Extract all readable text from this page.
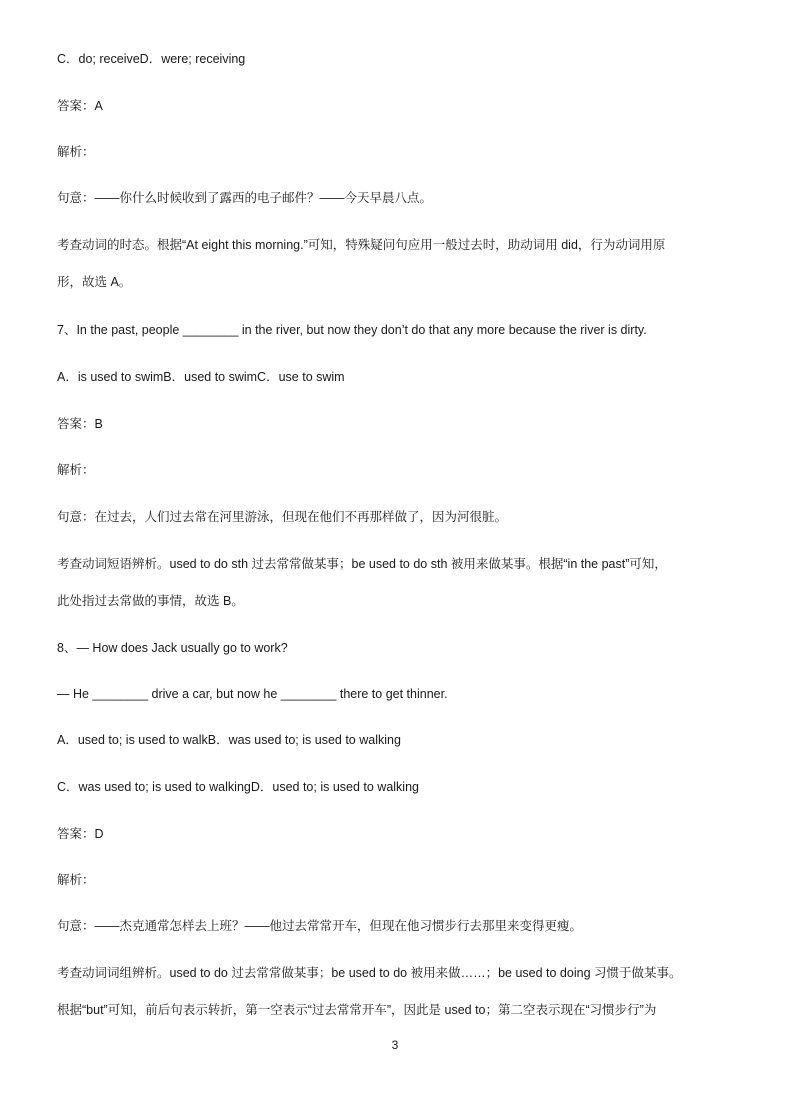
C．do; receiveD．were; receiving
答案：A
解析：
句意：——你什么时候收到了露西的电子邮件？——今天早晨八点。
考查动词的时态。根据“At eight this morning.”可知，特殊疑问句应用一般过去时，助动词用 did，行为动词用原
形，故选 A。
7、In the past, people ________ in the river, but now they don’t do that any more because the river is dirty.
A．is used to swimB．used to swimC．use to swim
答案：B
解析：
句意：在过去，人们过去常在河里游泳，但现在他们不再那样做了，因为河很脏。
考查动词短语辨析。used to do sth 过去常常做某事；be used to do sth 被用来做某事。根据“in the past”可知，
此处指过去常做的事情，故选 B。
8、— How does Jack usually go to work?
— He ________ drive a car, but now he ________ there to get thinner.
A．used to; is used to walkB．was used to; is used to walking
C．was used to; is used to walkingD．used to; is used to walking
答案：D
解析：
句意：——杰克通常怎样去上班？——他过去常常开车，但现在他习惯步行去那里来变得更瘦。
考查动词词组辨析。used to do 过去常常做某事；be used to do 被用来做……；be used to doing 习惯于做某事。
根据“but”可知，前后句表示转折，第一空表示“过去常常开车”，因此是 used to；第二空表示现在“习惯步行”为
3
